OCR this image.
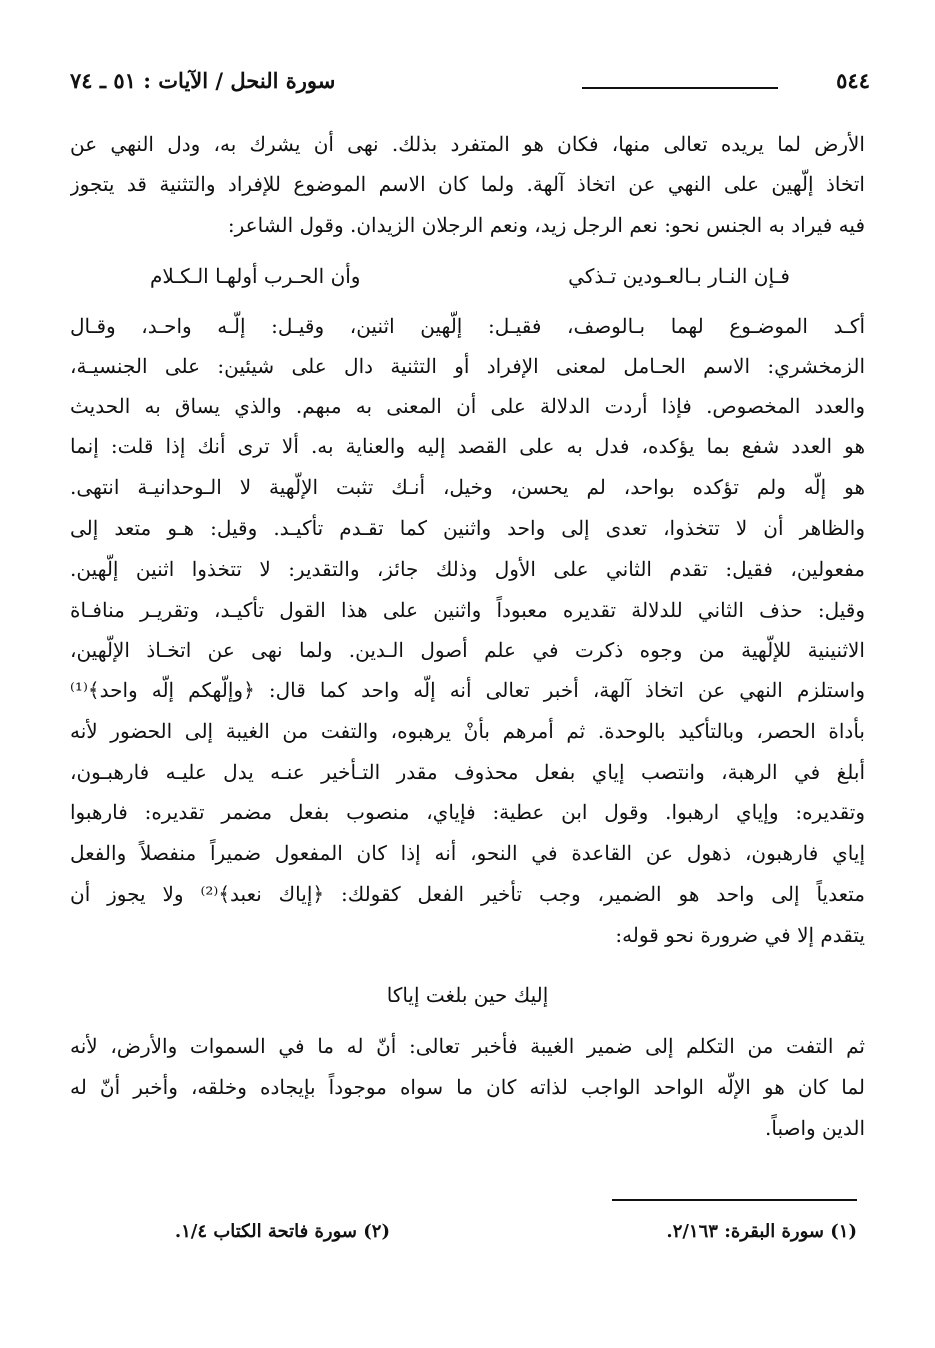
٥٤٤
سورة النحل / الآيات : ٥١ ـ ٧٤
الأرض لما يريده تعالى منها، فكان هو المتفرد بذلك. نهى أن يشرك به، ودل النهي عن
اتخاذ إلّهين على النهي عن اتخاذ آلهة. ولما كان الاسم الموضوع للإفراد والتثنية قد يتجوز
فيه فيراد به الجنس نحو: نعم الرجل زيد، ونعم الرجلان الزيدان. وقول الشاعر:
فـإن النـار بـالعـودين تـذكي
وأن الحـرب أولهـا الـكـلام
أكـد الموضـوع لهما بـالوصف، فقيـل: إلّهين اثنين، وقيـل: إلّـه واحـد، وقـال
الزمخشري: الاسم الحـامل لمعنى الإفراد أو التثنية دال على شيئين: على الجنسيـة،
والعدد المخصوص. فإذا أردت الدلالة على أن المعنى به مبهم. والذي يساق به الحديث
هو العدد شفع بما يؤكده، فدل به على القصد إليه والعناية به. ألا ترى أنك إذا قلت: إنما
هو إلّه ولم تؤكده بواحد، لم يحسن، وخيل، أنـك تثبت الإلّهية لا الـوحدانيـة انتهى.
والظاهر أن لا تتخذوا، تعدى إلى واحد واثنين كما تقـدم تأكيـد. وقيل: هـو متعد إلى
مفعولين، فقيل: تقدم الثاني على الأول وذلك جائز، والتقدير: لا تتخذوا اثنين إلّهين.
وقيل: حذف الثاني للدلالة تقديره معبوداً واثنين على هذا القول تأكيـد، وتقريـر منافـاة
الاثنينية للإلّهية من وجوه ذكرت في علم أصول الـدين. ولما نهى عن اتخـاذ الإلّهين،
واستلزم النهي عن اتخاذ آلهة، أخبر تعالى أنه إلّه واحد كما قال: ﴿وإلّهكم إلّه واحد﴾⁽¹⁾
بأداة الحصر، وبالتأكيد بالوحدة. ثم أمرهم بأنْ يرهبوه، والتفت من الغيبة إلى الحضور لأنه
أبلغ في الرهبة، وانتصب إياي بفعل محذوف مقدر التـأخير عنـه يدل عليـه فارهبـون،
وتقديره: وإياي ارهبوا. وقول ابن عطية: فإياي، منصوب بفعل مضمر تقديره: فارهبوا
إياي فارهبون، ذهول عن القاعدة في النحو، أنه إذا كان المفعول ضميراً منفصلاً والفعل
متعدياً إلى واحد هو الضمير، وجب تأخير الفعل كقولك: ﴿إياك نعبد﴾⁽²⁾ ولا يجوز أن
يتقدم إلا في ضرورة نحو قوله:
إليك حين بلغت إياكا
ثم التفت من التكلم إلى ضمير الغيبة فأخبر تعالى: أنّ له ما في السموات والأرض، لأنه
لما كان هو الإلّه الواحد الواجب لذاته كان ما سواه موجوداً بإيجاده وخلقه، وأخبر أنّ له
الدين واصباً.
(١) سورة البقرة: ٢/١٦٣.
(٢) سورة فاتحة الكتاب ١/٤.
